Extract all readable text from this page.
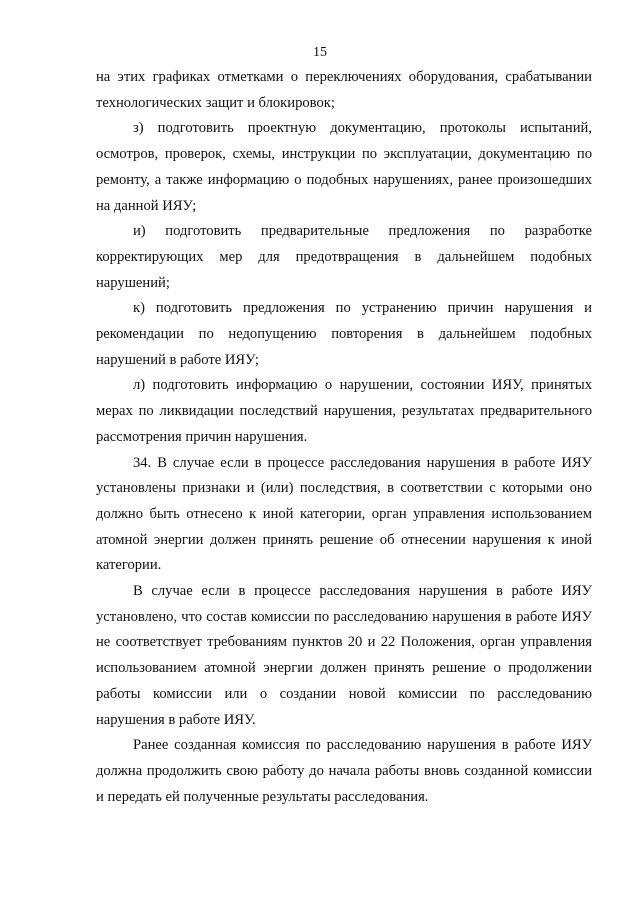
15

на этих графиках отметками о переключениях оборудования, срабатывании технологических защит и блокировок;

з) подготовить проектную документацию, протоколы испытаний, осмотров, проверок, схемы, инструкции по эксплуатации, документацию по ремонту, а также информацию о подобных нарушениях, ранее произошедших на данной ИЯУ;

и) подготовить предварительные предложения по разработке корректирующих мер для предотвращения в дальнейшем подобных нарушений;

к) подготовить предложения по устранению причин нарушения и рекомендации по недопущению повторения в дальнейшем подобных нарушений в работе ИЯУ;

л) подготовить информацию о нарушении, состоянии ИЯУ, принятых мерах по ликвидации последствий нарушения, результатах предварительного рассмотрения причин нарушения.

34. В случае если в процессе расследования нарушения в работе ИЯУ установлены признаки и (или) последствия, в соответствии с которыми оно должно быть отнесено к иной категории, орган управления использованием атомной энергии должен принять решение об отнесении нарушения к иной категории.

В случае если в процессе расследования нарушения в работе ИЯУ установлено, что состав комиссии по расследованию нарушения в работе ИЯУ не соответствует требованиям пунктов 20 и 22 Положения, орган управления использованием атомной энергии должен принять решение о продолжении работы комиссии или о создании новой комиссии по расследованию нарушения в работе ИЯУ.

Ранее созданная комиссия по расследованию нарушения в работе ИЯУ должна продолжить свою работу до начала работы вновь созданной комиссии и передать ей полученные результаты расследования.
